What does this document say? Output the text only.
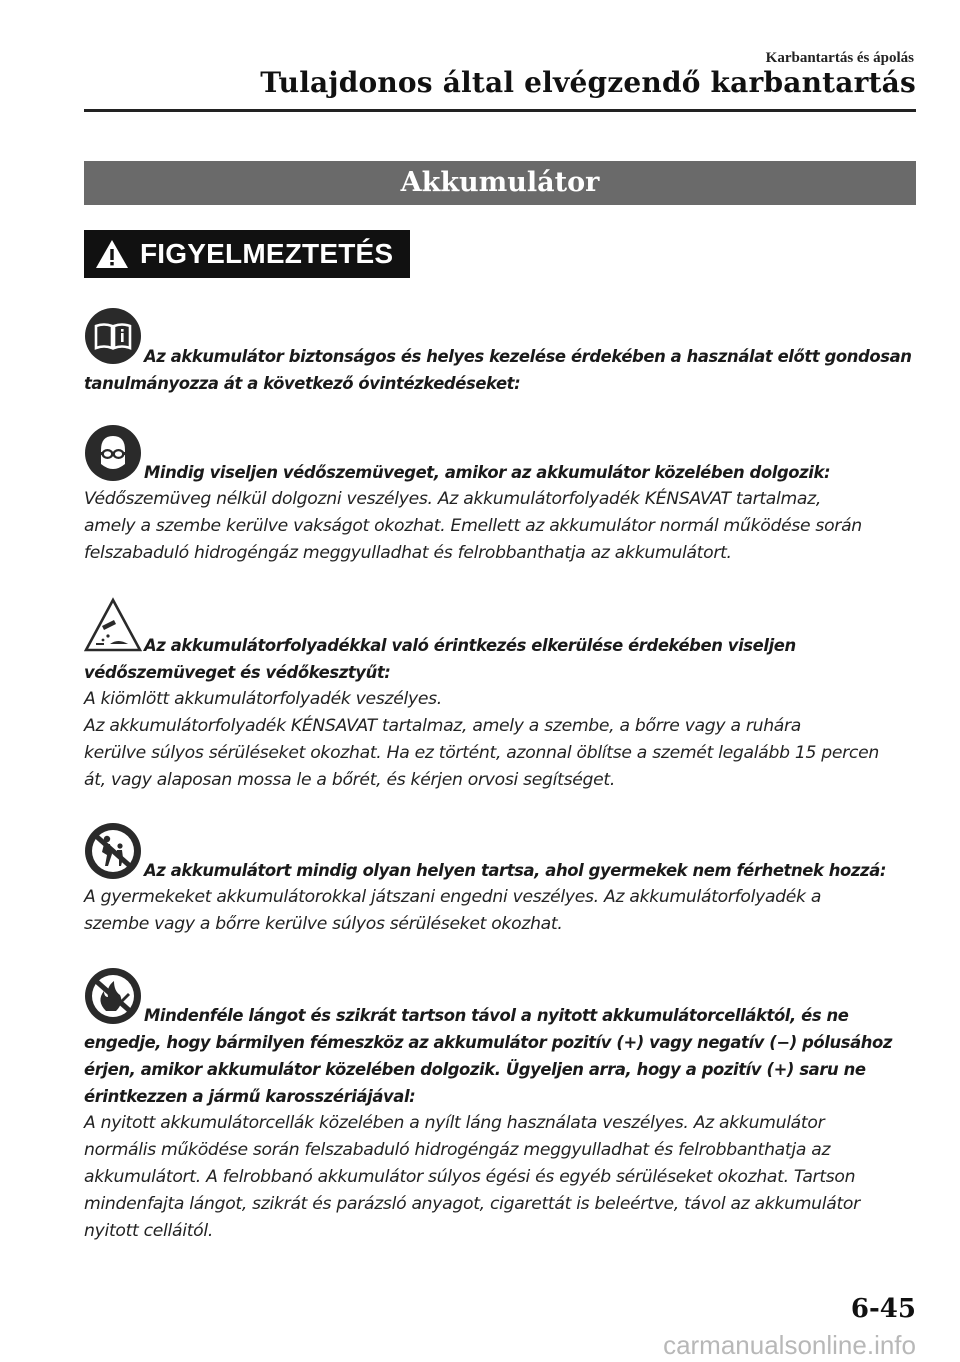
Karbantartás és ápolás
Tulajdonos által elvégzendő karbantartás
Akkumulátor
FIGYELMEZTETÉS
Az akkumulátor biztonságos és helyes kezelése érdekében a használat előtt gondosan
tanulmányozza át a következő óvintézkedéseket:
Mindig viseljen védőszemüveget, amikor az akkumulátor közelében dolgozik:
Védőszemüveg nélkül dolgozni veszélyes. Az akkumulátorfolyadék KÉNSAVAT tartalmaz,
amely a szembe kerülve vakságot okozhat. Emellett az akkumulátor normál működése során
felszabaduló hidrogéngáz meggyulladhat és felrobbanthatja az akkumulátort.
Az akkumulátorfolyadékkal való érintkezés elkerülése érdekében viseljen
védőszemüveget és védőkesztyűt:
A kiömlött akkumulátorfolyadék veszélyes.
Az akkumulátorfolyadék KÉNSAVAT tartalmaz, amely a szembe, a bőrre vagy a ruhára
kerülve súlyos sérüléseket okozhat. Ha ez történt, azonnal öblítse a szemét legalább 15 percen
át, vagy alaposan mossa le a bőrét, és kérjen orvosi segítséget.
Az akkumulátort mindig olyan helyen tartsa, ahol gyermekek nem férhetnek hozzá:
A gyermekeket akkumulátorokkal játszani engedni veszélyes. Az akkumulátorfolyadék a
szembe vagy a bőrre kerülve súlyos sérüléseket okozhat.
Mindenféle lángot és szikrát tartson távol a nyitott akkumulátorcelláktól, és ne
engedje, hogy bármilyen fémeszköz az akkumulátor pozitív (+) vagy negatív (−) pólusához
érjen, amikor akkumulátor közelében dolgozik. Ügyeljen arra, hogy a pozitív (+) saru ne
érintkezzen a jármű karosszériájával:
A nyitott akkumulátorcellák közelében a nyílt láng használata veszélyes. Az akkumulátor
normális működése során felszabaduló hidrogéngáz meggyulladhat és felrobbanthatja az
akkumulátort. A felrobbanó akkumulátor súlyos égési és egyéb sérüléseket okozhat. Tartson
mindenfajta lángot, szikrát és parázsló anyagot, cigarettát is beleértve, távol az akkumulátor
nyitott celláitól.
6-45
carmanualsonline.info
